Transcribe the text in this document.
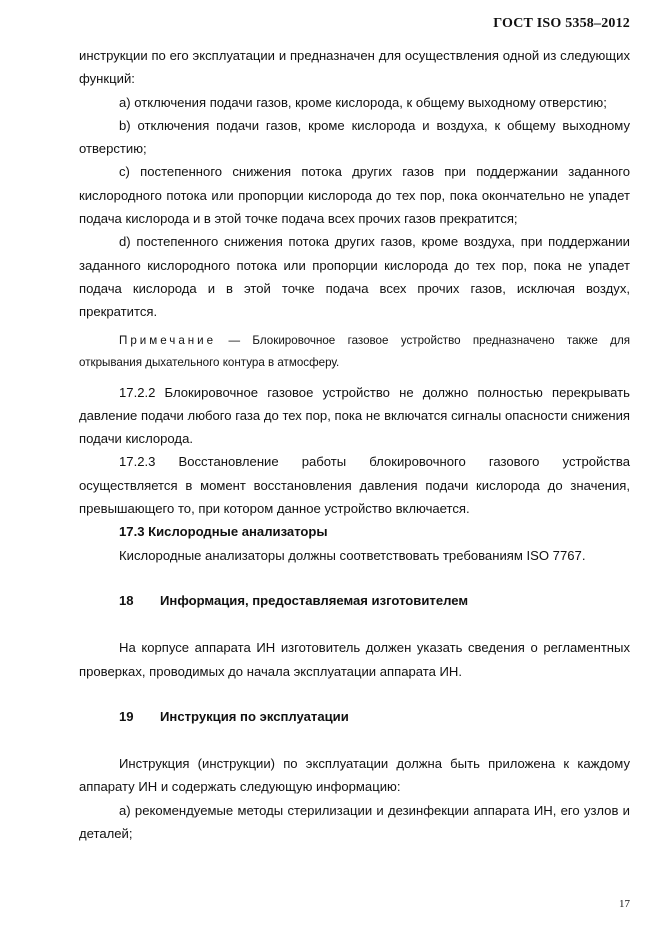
ГОСТ ISO 5358–2012

инструкции по его эксплуатации и предназначен для осуществления одной из следующих функций:

a) отключения подачи газов, кроме кислорода, к общему выходному отверстию;

b) отключения подачи газов, кроме кислорода и воздуха, к общему выходному отверстию;

c) постепенного снижения потока других газов при поддержании заданного кислородного потока или пропорции кислорода до тех пор, пока окончательно не упадет подача кислорода и в этой точке подача всех прочих газов прекратится;

d) постепенного снижения потока других газов, кроме воздуха, при поддержании заданного кислородного потока или пропорции кислорода до тех пор, пока не упадет подача кислорода и в этой точке подача всех прочих газов, исключая воздух, прекратится.

Примечание — Блокировочное газовое устройство предназначено также для открывания дыхательного контура в атмосферу.

17.2.2 Блокировочное газовое устройство не должно полностью перекрывать давление подачи любого газа до тех пор, пока не включатся сигналы опасности снижения подачи кислорода.

17.2.3 Восстановление работы блокировочного газового устройства осуществляется в момент восстановления давления подачи кислорода до значения, превышающего то, при котором данное устройство включается.

17.3 Кислородные анализаторы

Кислородные анализаторы должны соответствовать требованиям ISO 7767.

18 Информация, предоставляемая изготовителем

На корпусе аппарата ИН изготовитель должен указать сведения о регламентных проверках, проводимых до начала эксплуатации аппарата ИН.

19 Инструкция по эксплуатации

Инструкция (инструкции) по эксплуатации должна быть приложена к каждому аппарату ИН и содержать следующую информацию:

a) рекомендуемые методы стерилизации и дезинфекции аппарата ИН, его узлов и деталей;

17
